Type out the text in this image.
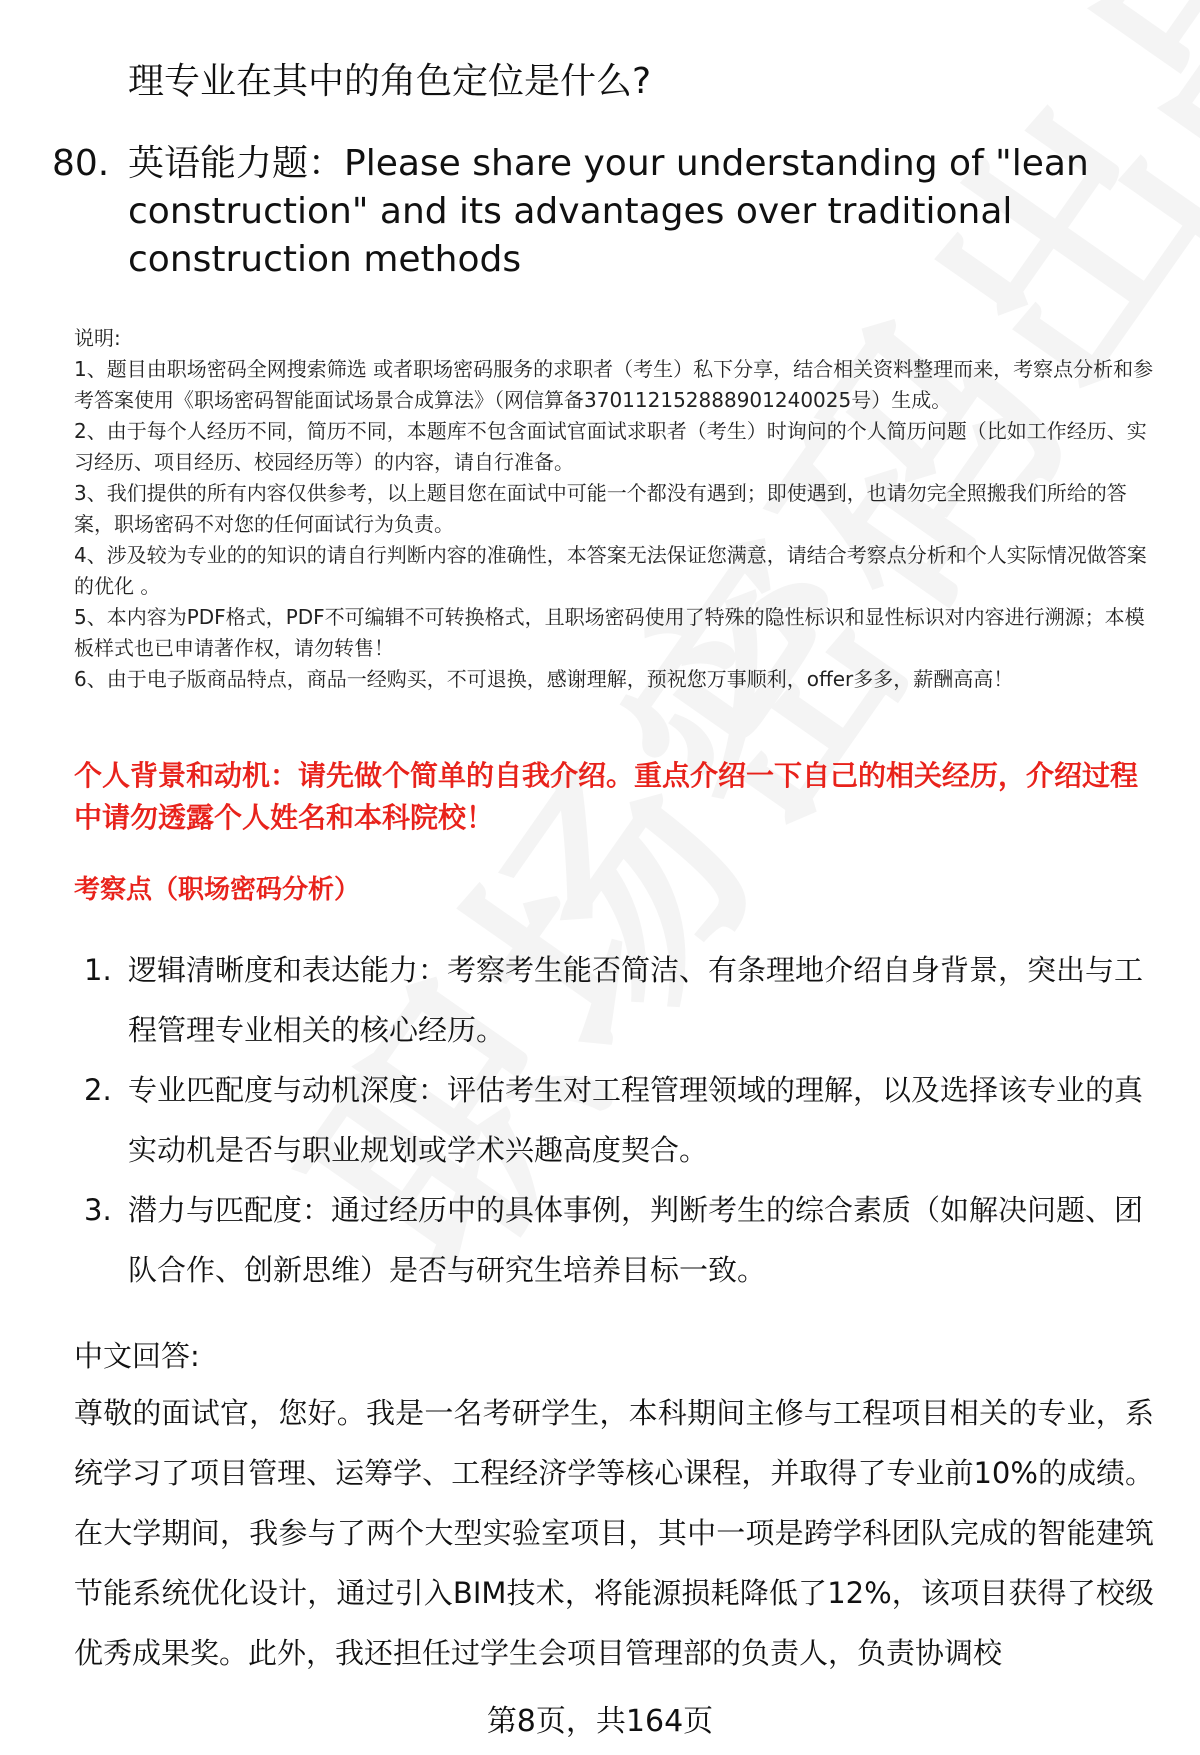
理专业在其中的角色定位是什么?
80. 英语能力题：Please share your understanding of "lean construction" and its advantages over traditional construction methods

说明:

1、题目由职场密码全网搜索筛选 或者职场密码服务的求职者（考生）私下分享，结合相关资料整理而来，考察点分析和参考答案使用《职场密码智能面试场景合成算法》（网信算备370112152888901240025号）生成。

2、由于每个人经历不同，简历不同，本题库不包含面试官面试求职者（考生）时询问的个人简历问题（比如工作经历、实习经历、项目经历、校园经历等）的内容，请自行准备。

3、我们提供的所有内容仅供参考，以上题目您在面试中可能一个都没有遇到；即使遇到，也请勿完全照搬我们所给的答案，职场密码不对您的任何面试行为负责。

4、涉及较为专业的的知识的请自行判断内容的准确性，本答案无法保证您满意，请结合考察点分析和个人实际情况做答案的优化 。

5、本内容为PDF格式，PDF不可编辑不可转换格式，且职场密码使用了特殊的隐性标识和显性标识对内容进行溯源；本模板样式也已申请著作权，请勿转售！

6、由于电子版商品特点，商品一经购买，不可退换，感谢理解，预祝您万事顺利，offer多多，薪酬高高！

个人背景和动机：请先做个简单的自我介绍。重点介绍一下自己的相关经历，介绍过程中请勿透露个人姓名和本科院校！
考察点（职场密码分析）
1. 逻辑清晰度和表达能力：考察考生能否简洁、有条理地介绍自身背景，突出与工程管理专业相关的核心经历。
2. 专业匹配度与动机深度：评估考生对工程管理领域的理解，以及选择该专业的真实动机是否与职业规划或学术兴趣高度契合。
3. 潜力与匹配度：通过经历中的具体事例，判断考生的综合素质（如解决问题、团队合作、创新思维）是否与研究生培养目标一致。
中文回答:
尊敬的面试官，您好。我是一名考研学生，本科期间主修与工程项目相关的专业，系统学习了项目管理、运筹学、工程经济学等核心课程，并取得了专业前10%的成绩。在大学期间，我参与了两个大型实验室项目，其中一项是跨学科团队完成的智能建筑节能系统优化设计，通过引入BIM技术，将能源损耗降低了12%，该项目获得了校级优秀成果奖。此外，我还担任过学生会项目管理部的负责人，负责协调校
第8页，共164页
